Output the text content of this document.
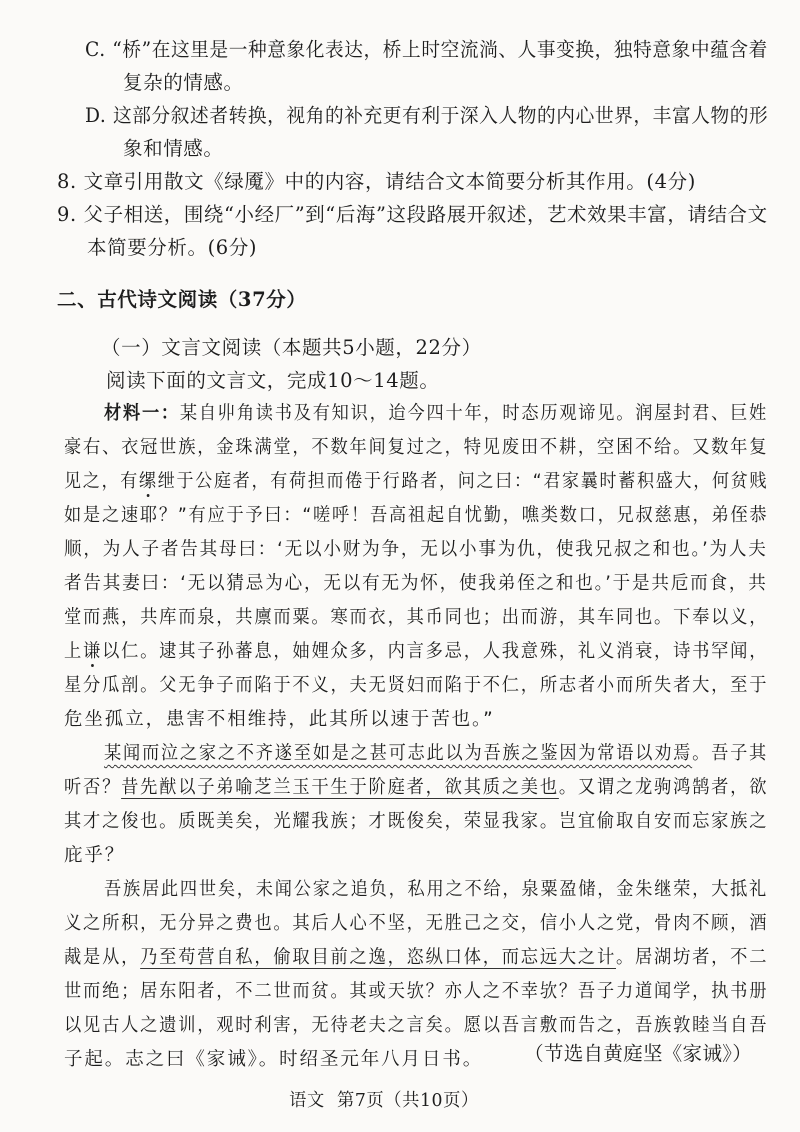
C. “桥”在这里是一种意象化表达，桥上时空流淌、人事变换，独特意象中蕴含着
复杂的情感。
D. 这部分叙述者转换，视角的补充更有利于深入人物的内心世界，丰富人物的形
象和情感。
8. 文章引用散文《绿魇》中的内容，请结合文本简要分析其作用。(4分)
9. 父子相送，围绕“小经厂”到“后海”这段路展开叙述，艺术效果丰富，请结合文
本简要分析。(6分)
二、古代诗文阅读（37分）
（一）文言文阅读（本题共5小题，22分）
阅读下面的文言文，完成10～14题。
材料一：某自丱角读书及有知识，迨今四十年，时态历观谛见。润屋封君、巨姓
豪右、衣冠世族，金珠满堂，不数年间复过之，特见废田不耕，空囷不给。又数年复
见之，有缧绁于公庭者，有荷担而倦于行路者，问之曰：“君家曩时蓄积盛大，何贫贱
如是之速耶？”有应于予曰：“嗟呼！吾高祖起自忧勤，噍类数口，兄叔慈惠，弟侄恭
顺，为人子者告其母曰：‘无以小财为争，无以小事为仇，使我兄叔之和也。’为人夫
者告其妻曰：‘无以猜忌为心，无以有无为怀，使我弟侄之和也。’于是共卮而食，共
堂而燕，共库而泉，共廪而粟。寒而衣，其币同也；出而游，其车同也。下奉以义，
上谦以仁。逮其子孙蕃息，妯娌众多，内言多忌，人我意殊，礼义消衰，诗书罕闻，
星分瓜剖。父无争子而陷于不义，夫无贤妇而陷于不仁，所志者小而所失者大，至于
危坐孤立，患害不相维持，此其所以速于苦也。”
某闻而泣之家之不齐遂至如是之甚可志此以为吾族之鉴因为常语以劝焉。吾子其
听否？昔先猷以子弟喻芝兰玉干生于阶庭者，欲其质之美也。又谓之龙驹鸿鹄者，欲
其才之俊也。质既美矣，光耀我族；才既俊矣，荣显我家。岂宜偷取自安而忘家族之
庇乎？
吾族居此四世矣，未闻公家之追负，私用之不给，泉粟盈储，金朱继荣，大抵礼
义之所积，无分异之费也。其后人心不坚，无胜己之交，信小人之党，骨肉不顾，酒
胾是从，乃至苟营自私，偷取目前之逸，恣纵口体，而忘远大之计。居湖坊者，不二
世而绝；居东阳者，不二世而贫。其或天欤？亦人之不幸欤？吾子力道闻学，执书册
以见古人之遗训，观时利害，无待老夫之言矣。愿以吾言敷而告之，吾族敦睦当自吾
子起。志之曰《家诫》。时绍圣元年八月日书。 （节选自黄庭坚《家诫》）
语文  第7页（共10页）
